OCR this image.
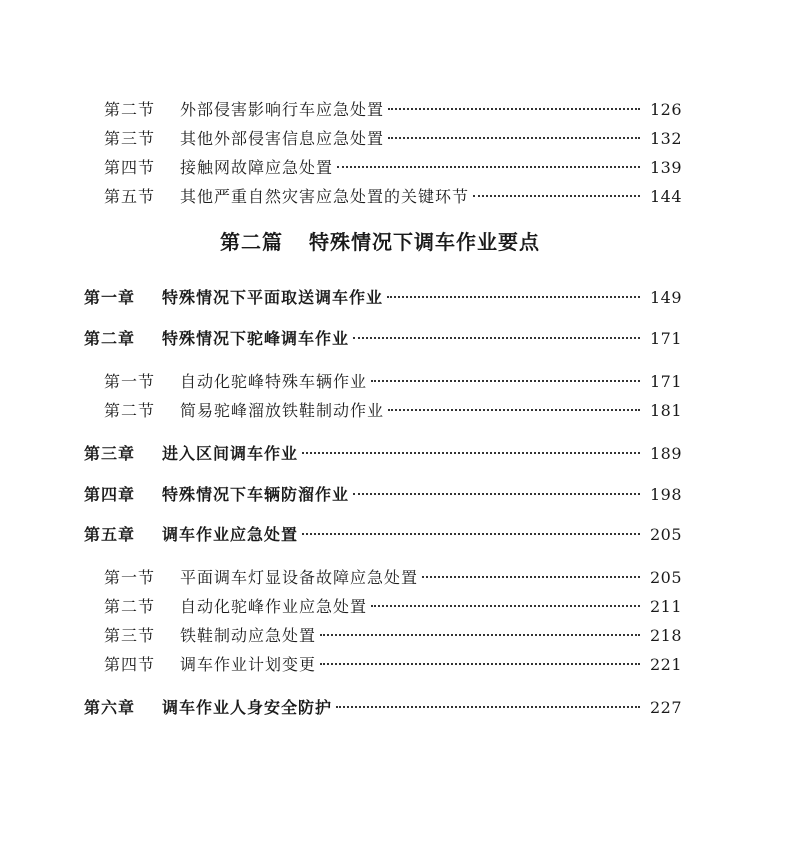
第二节	外部侵害影响行车应急处置	126
第三节	其他外部侵害信息应急处置	132
第四节	接触网故障应急处置	139
第五节	其他严重自然灾害应急处置的关键环节	144
第二篇 特殊情况下调车作业要点
第一章	特殊情况下平面取送调车作业	149
第二章	特殊情况下驼峰调车作业	171
第一节	自动化驼峰特殊车辆作业	171
第二节	简易驼峰溜放铁鞋制动作业	181
第三章	进入区间调车作业	189
第四章	特殊情况下车辆防溜作业	198
第五章	调车作业应急处置	205
第一节	平面调车灯显设备故障应急处置	205
第二节	自动化驼峰作业应急处置	211
第三节	铁鞋制动应急处置	218
第四节	调车作业计划变更	221
第六章	调车作业人身安全防护	227
